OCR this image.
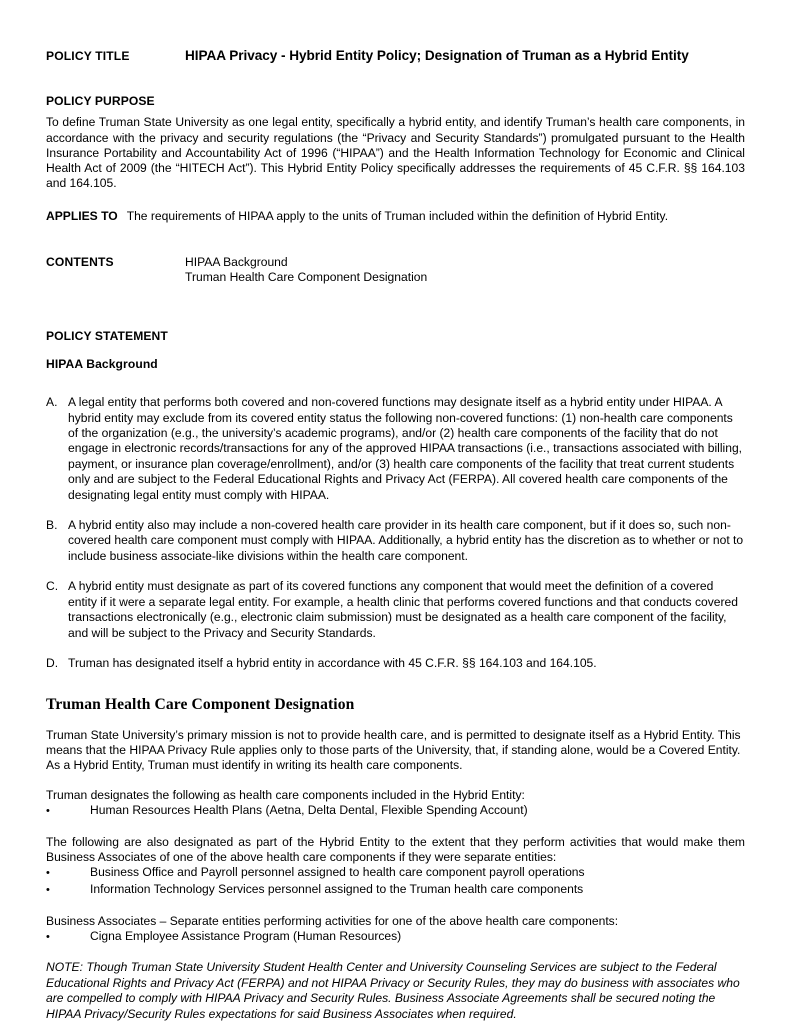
POLICY TITLE	HIPAA Privacy - Hybrid Entity Policy; Designation of Truman as a Hybrid Entity
POLICY PURPOSE

To define Truman State University as one legal entity, specifically a hybrid entity, and identify Truman’s health care components, in accordance with the privacy and security regulations (the “Privacy and Security Standards”) promulgated pursuant to the Health Insurance Portability and Accountability Act of 1996 (“HIPAA”) and the Health Information Technology for Economic and Clinical Health Act of 2009 (the “HITECH Act”). This Hybrid Entity Policy specifically addresses the requirements of 45 C.F.R. §§ 164.103 and 164.105.

APPLIES TO The requirements of HIPAA apply to the units of Truman included within the definition of Hybrid Entity.
CONTENTS	HIPAA Background
Truman Health Care Component Designation
POLICY STATEMENT
HIPAA Background
A. A legal entity that performs both covered and non-covered functions may designate itself as a hybrid entity under HIPAA. A hybrid entity may exclude from its covered entity status the following non-covered functions: (1) non-health care components of the organization (e.g., the university’s academic programs), and/or (2) health care components of the facility that do not engage in electronic records/transactions for any of the approved HIPAA transactions (i.e., transactions associated with billing, payment, or insurance plan coverage/enrollment), and/or (3) health care components of the facility that treat current students only and are subject to the Federal Educational Rights and Privacy Act (FERPA). All covered health care components of the designating legal entity must comply with HIPAA.
B. A hybrid entity also may include a non-covered health care provider in its health care component, but if it does so, such non-covered health care component must comply with HIPAA. Additionally, a hybrid entity has the discretion as to whether or not to include business associate-like divisions within the health care component.
C. A hybrid entity must designate as part of its covered functions any component that would meet the definition of a covered entity if it were a separate legal entity. For example, a health clinic that performs covered functions and that conducts covered transactions electronically (e.g., electronic claim submission) must be designated as a health care component of the facility, and will be subject to the Privacy and Security Standards.
D. Truman has designated itself a hybrid entity in accordance with 45 C.F.R. §§ 164.103 and 164.105.
Truman Health Care Component Designation

Truman State University’s primary mission is not to provide health care, and is permitted to designate itself as a Hybrid Entity. This means that the HIPAA Privacy Rule applies only to those parts of the University, that, if standing alone, would be a Covered Entity. As a Hybrid Entity, Truman must identify in writing its health care components.

Truman designates the following as health care components included in the Hybrid Entity:

•	Human Resources Health Plans (Aetna, Delta Dental, Flexible Spending Account)

The following are also designated as part of the Hybrid Entity to the extent that they perform activities that would make them Business Associates of one of the above health care components if they were separate entities:

•	Business Office and Payroll personnel assigned to health care component payroll operations
•	Information Technology Services personnel assigned to the Truman health care components

Business Associates – Separate entities performing activities for one of the above health care components:

•	Cigna Employee Assistance Program (Human Resources)

NOTE: Though Truman State University Student Health Center and University Counseling Services are subject to the Federal Educational Rights and Privacy Act (FERPA) and not HIPAA Privacy or Security Rules, they may do business with associates who are compelled to comply with HIPAA Privacy and Security Rules. Business Associate Agreements shall be secured noting the HIPAA Privacy/Security Rules expectations for said Business Associates when required.
